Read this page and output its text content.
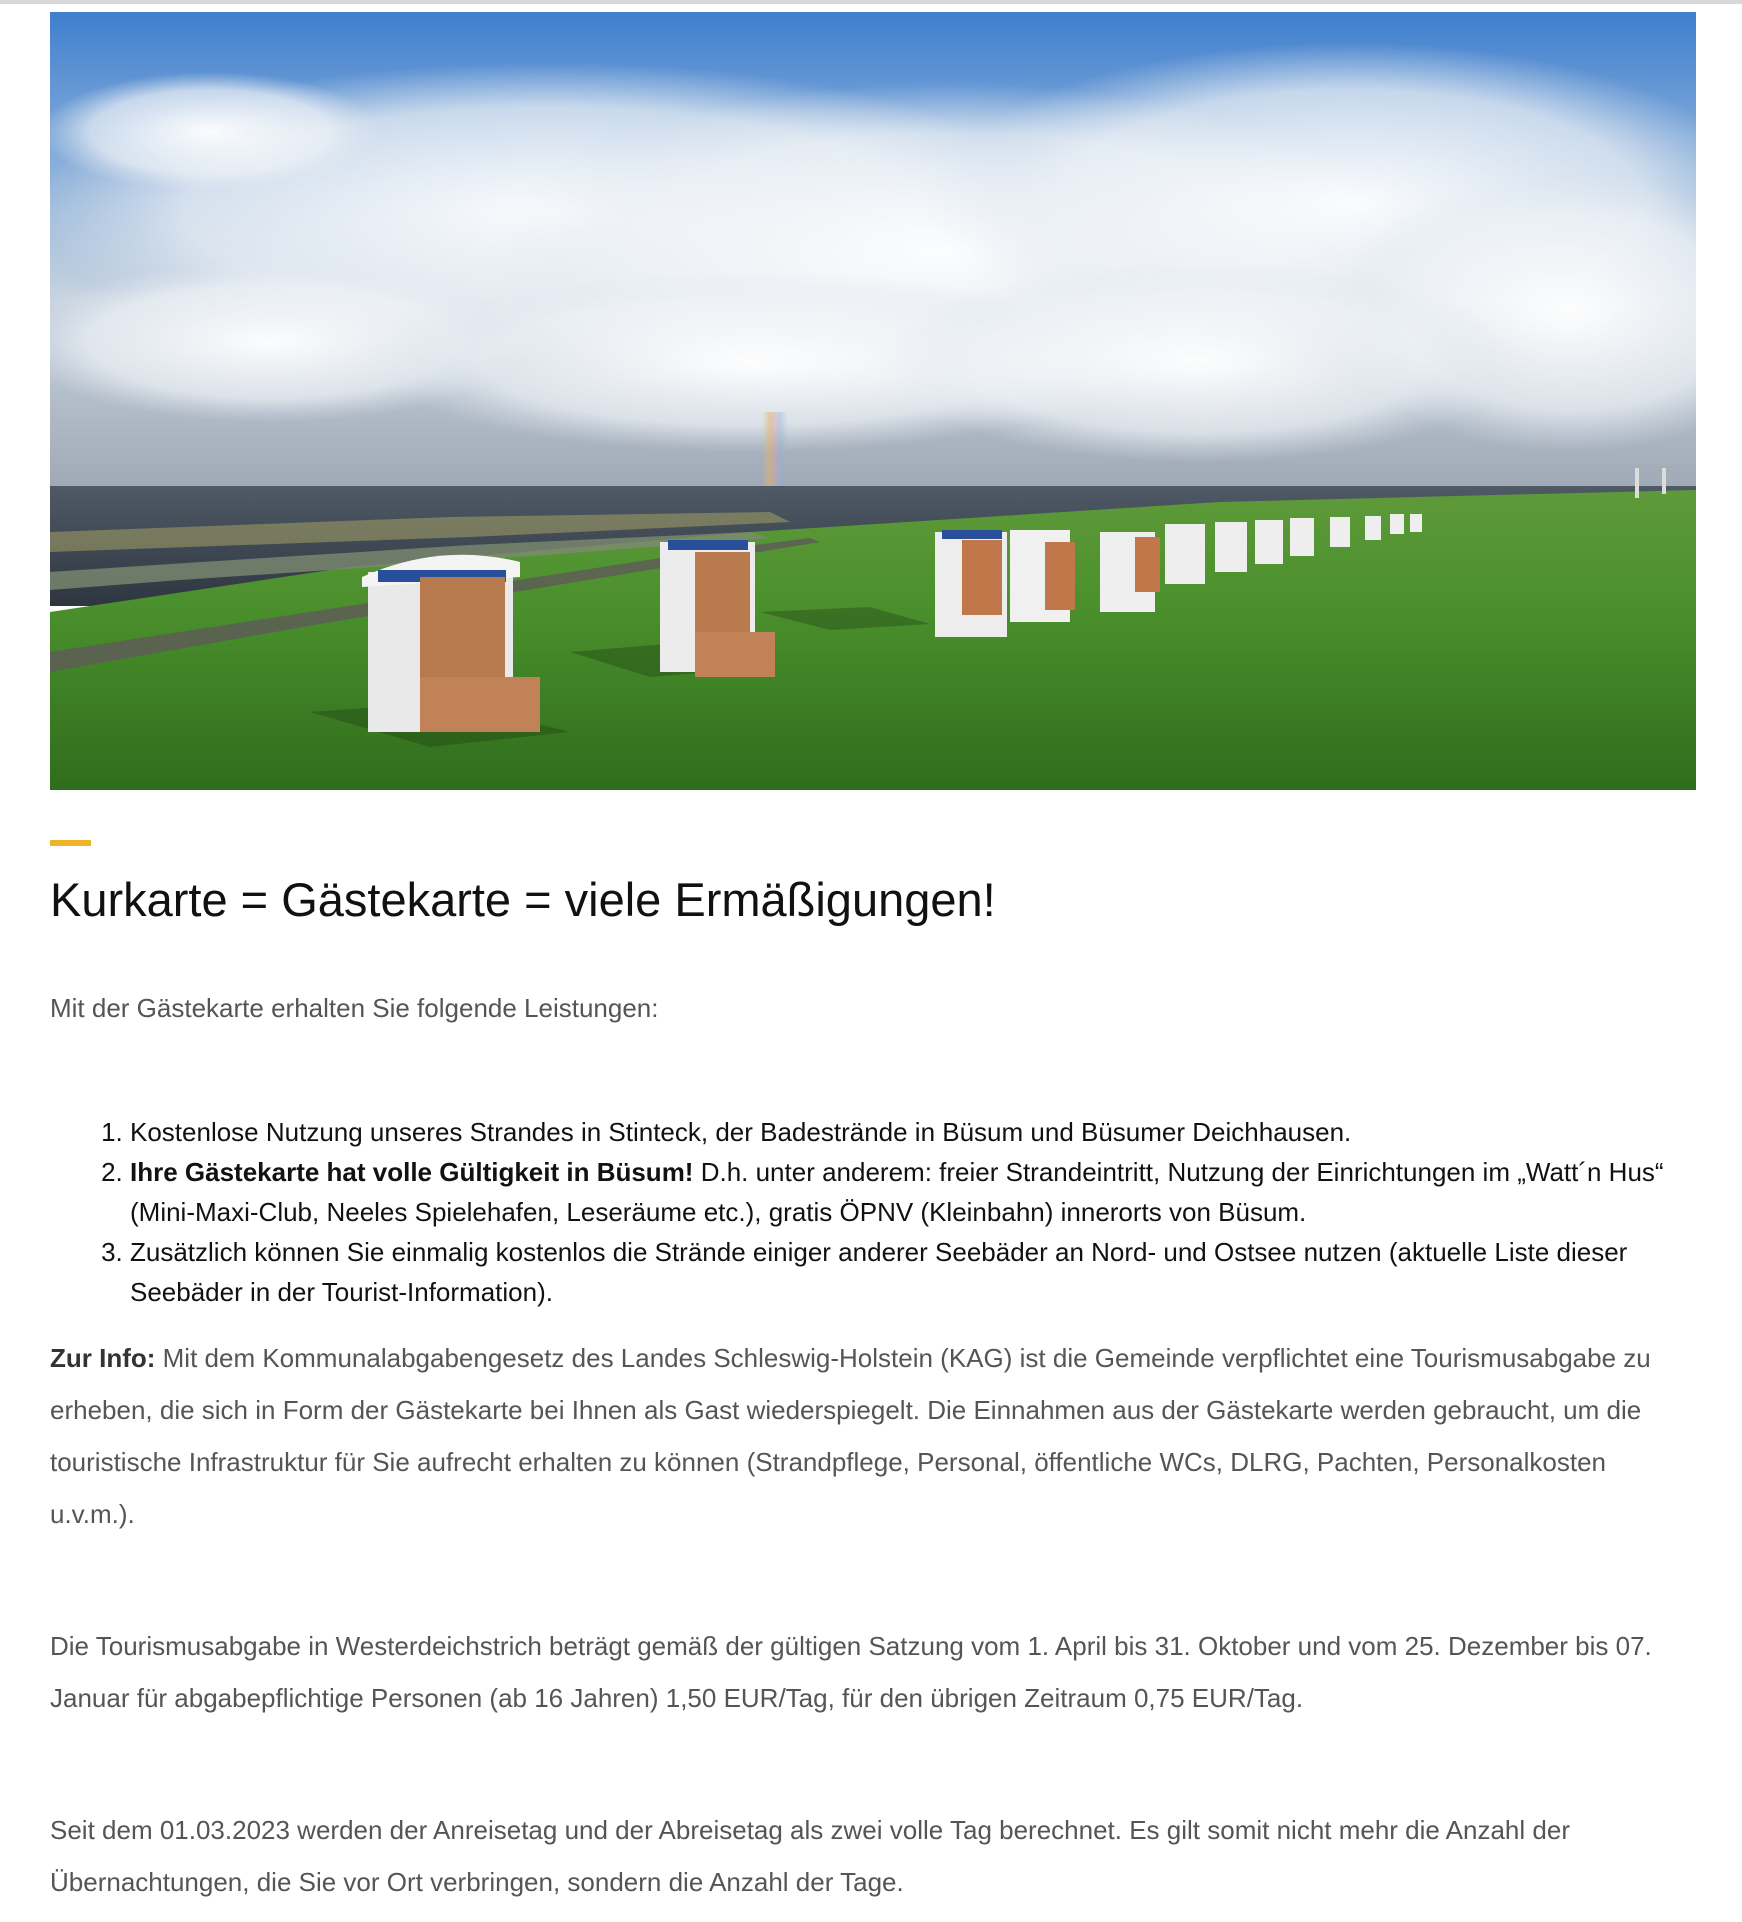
Kurkarte = Gästekarte = viele Ermäßigungen!

Mit der Gästekarte erhalten Sie folgende Leistungen:

1. Kostenlose Nutzung unseres Strandes in Stinteck, der Badestrände in Büsum und Büsumer Deichhausen.
2. Ihre Gästekarte hat volle Gültigkeit in Büsum! D.h. unter anderem: freier Strandeintritt, Nutzung der Einrichtungen im „Watt´n Hus“ (Mini-Maxi-Club, Neeles Spielehafen, Leseräume etc.), gratis ÖPNV (Kleinbahn) innerorts von Büsum.
3. Zusätzlich können Sie einmalig kostenlos die Strände einiger anderer Seebäder an Nord- und Ostsee nutzen (aktuelle Liste dieser Seebäder in der Tourist-Information).

Zur Info: Mit dem Kommunalabgabengesetz des Landes Schleswig-Holstein (KAG) ist die Gemeinde verpflichtet eine Tourismusabgabe zu erheben, die sich in Form der Gästekarte bei Ihnen als Gast wiederspiegelt. Die Einnahmen aus der Gästekarte werden gebraucht, um die touristische Infrastruktur für Sie aufrecht erhalten zu können (Strandpflege, Personal, öffentliche WCs, DLRG, Pachten, Personalkosten u.v.m.).

Die Tourismusabgabe in Westerdeichstrich beträgt gemäß der gültigen Satzung vom 1. April bis 31. Oktober und vom 25. Dezember bis 07. Januar für abgabepflichtige Personen (ab 16 Jahren) 1,50 EUR/Tag, für den übrigen Zeitraum 0,75 EUR/Tag.

Seit dem 01.03.2023 werden der Anreisetag und der Abreisetag als zwei volle Tag berechnet. Es gilt somit nicht mehr die Anzahl der Übernachtungen, die Sie vor Ort verbringen, sondern die Anzahl der Tage.
